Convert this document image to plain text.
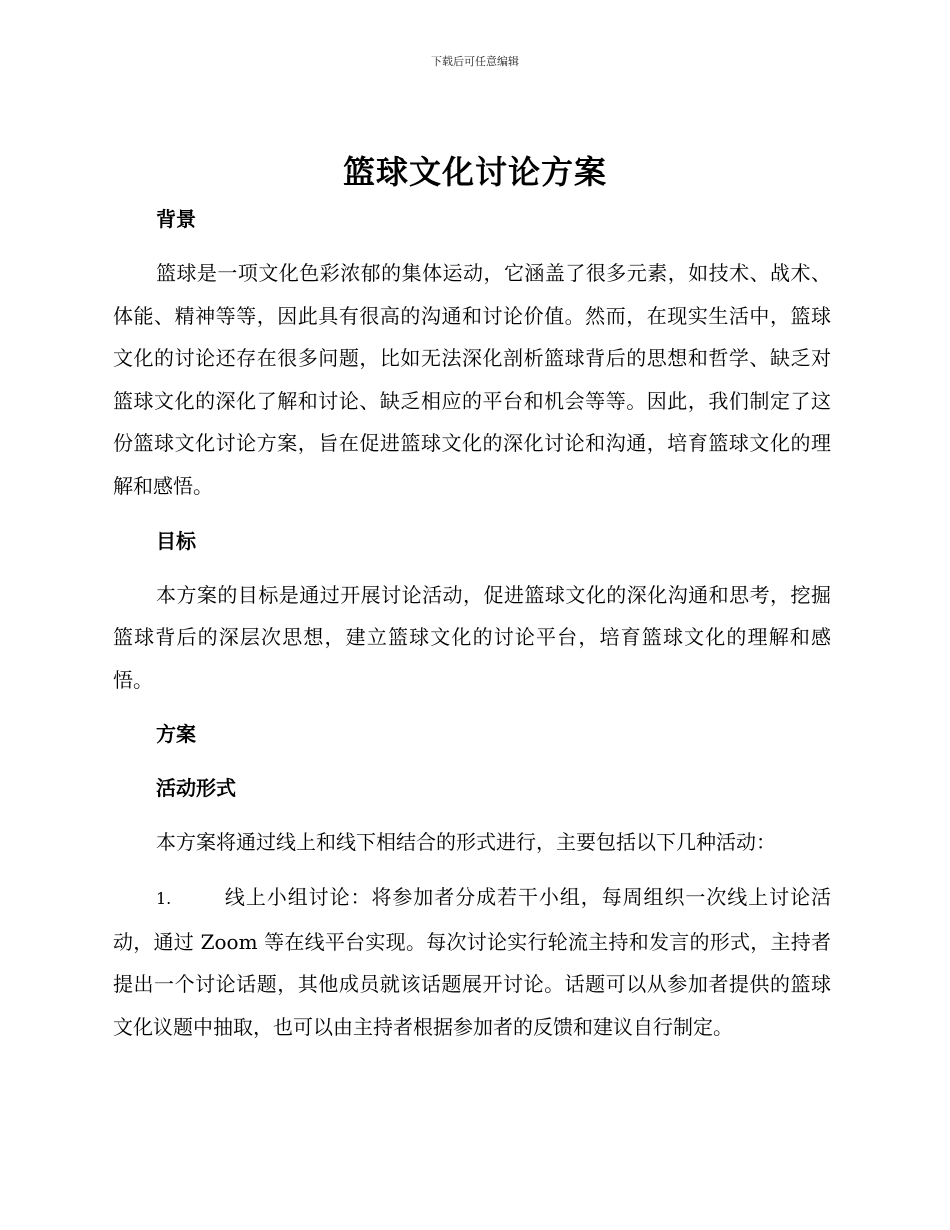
下载后可任意编辑
篮球文化讨论方案
背景

篮球是一项文化色彩浓郁的集体运动，它涵盖了很多元素，如技术、战术、体能、精神等等，因此具有很高的沟通和讨论价值。然而，在现实生活中，篮球文化的讨论还存在很多问题，比如无法深化剖析篮球背后的思想和哲学、缺乏对篮球文化的深化了解和讨论、缺乏相应的平台和机会等等。因此，我们制定了这份篮球文化讨论方案，旨在促进篮球文化的深化讨论和沟通，培育篮球文化的理解和感悟。

目标

本方案的目标是通过开展讨论活动，促进篮球文化的深化沟通和思考，挖掘篮球背后的深层次思想，建立篮球文化的讨论平台，培育篮球文化的理解和感悟。

方案
活动形式

本方案将通过线上和线下相结合的形式进行，主要包括以下几种活动：

1.	线上小组讨论：将参加者分成若干小组，每周组织一次线上讨论活动，通过 Zoom 等在线平台实现。每次讨论实行轮流主持和发言的形式，主持者提出一个讨论话题，其他成员就该话题展开讨论。话题可以从参加者提供的篮球文化议题中抽取，也可以由主持者根据参加者的反馈和建议自行制定。
